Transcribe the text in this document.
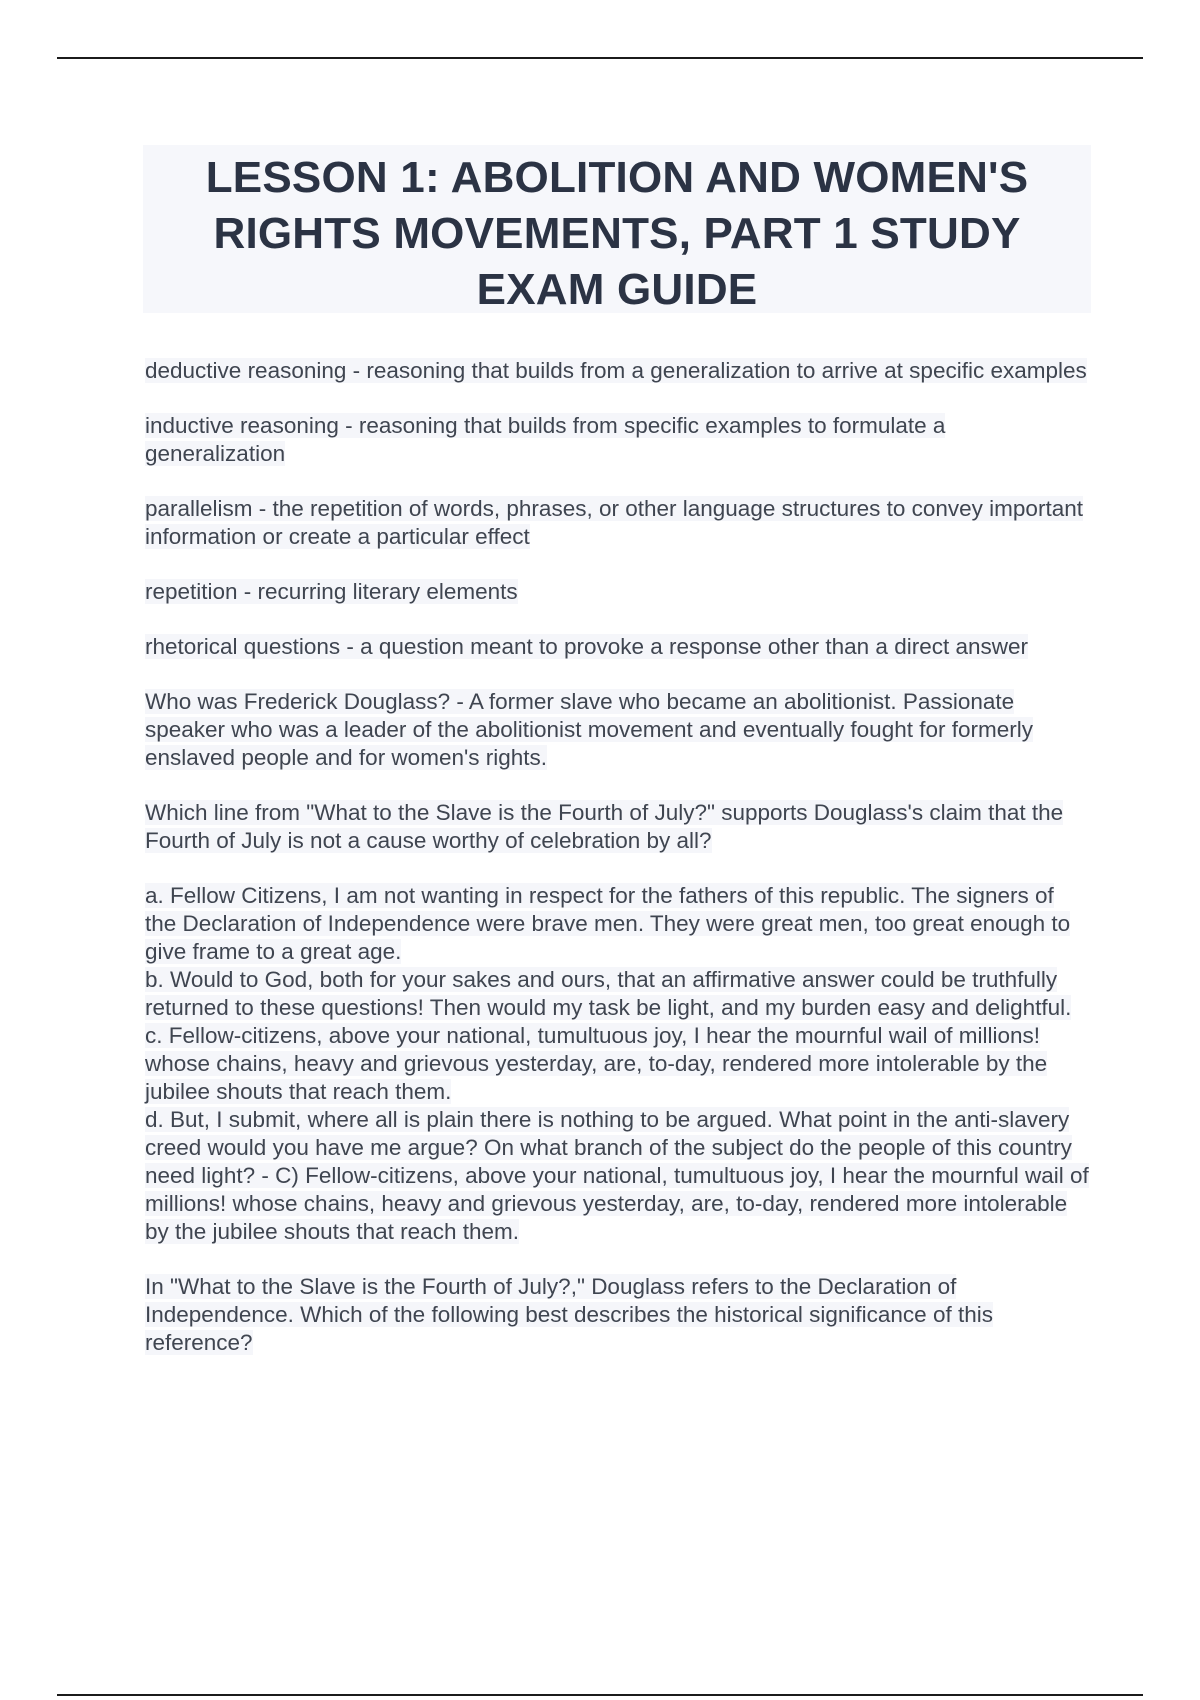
LESSON 1: ABOLITION AND WOMEN'S RIGHTS MOVEMENTS, PART 1 STUDY EXAM GUIDE

deductive reasoning - reasoning that builds from a generalization to arrive at specific examples

inductive reasoning - reasoning that builds from specific examples to formulate a generalization

parallelism - the repetition of words, phrases, or other language structures to convey important information or create a particular effect

repetition - recurring literary elements

rhetorical questions - a question meant to provoke a response other than a direct answer

Who was Frederick Douglass? - A former slave who became an abolitionist. Passionate speaker who was a leader of the abolitionist movement and eventually fought for formerly enslaved people and for women's rights.

Which line from "What to the Slave is the Fourth of July?" supports Douglass's claim that the Fourth of July is not a cause worthy of celebration by all?

a. Fellow Citizens, I am not wanting in respect for the fathers of this republic. The signers of the Declaration of Independence were brave men. They were great men, too great enough to give frame to a great age.
b. Would to God, both for your sakes and ours, that an affirmative answer could be truthfully returned to these questions! Then would my task be light, and my burden easy and delightful.
c. Fellow-citizens, above your national, tumultuous joy, I hear the mournful wail of millions! whose chains, heavy and grievous yesterday, are, to-day, rendered more intolerable by the jubilee shouts that reach them.
d. But, I submit, where all is plain there is nothing to be argued. What point in the anti-slavery creed would you have me argue? On what branch of the subject do the people of this country need light? - C) Fellow-citizens, above your national, tumultuous joy, I hear the mournful wail of millions! whose chains, heavy and grievous yesterday, are, to-day, rendered more intolerable by the jubilee shouts that reach them.

In "What to the Slave is the Fourth of July?," Douglass refers to the Declaration of Independence. Which of the following best describes the historical significance of this reference?
